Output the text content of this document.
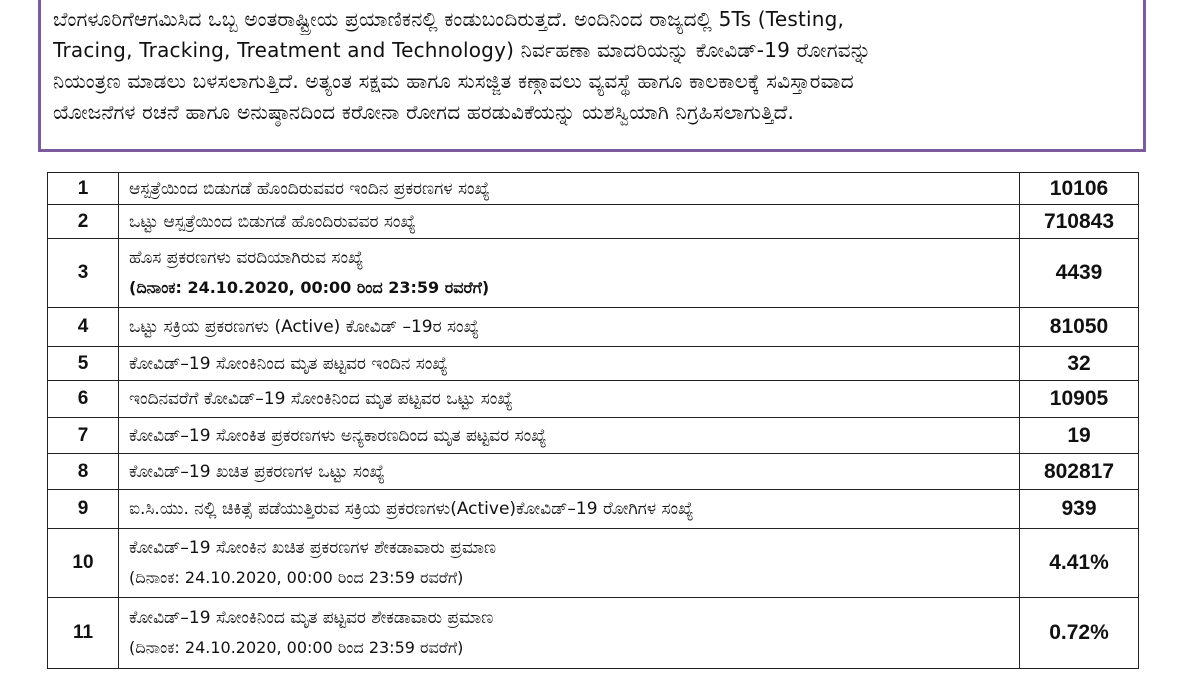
ಬೆಂಗಳೂರಿಗೆಆಗಮಿಸಿದ ಒಬ್ಬ ಅಂತರಾಷ್ಟ್ರೀಯ ಪ್ರಯಾಣಿಕನಲ್ಲಿ ಕಂಡುಬಂದಿರುತ್ತದೆ. ಅಂದಿನಿಂದ ರಾಜ್ಯದಲ್ಲಿ 5Ts (Testing,
Tracing, Tracking, Treatment and Technology) ನಿರ್ವಹಣಾ ಮಾದರಿಯನ್ನು ಕೋವಿಡ್-19 ರೋಗವನ್ನು
ನಿಯಂತ್ರಣ ಮಾಡಲು ಬಳಸಲಾಗುತ್ತಿದೆ. ಅತ್ಯಂತ ಸಕ್ಷಮ ಹಾಗೂ ಸುಸಜ್ಜಿತ ಕಣ್ಗಾವಲು ವ್ಯವಸ್ಥೆ ಹಾಗೂ ಕಾಲಕಾಲಕ್ಕೆ ಸವಿಸ್ತಾರವಾದ
ಯೋಜನೆಗಳ ರಚನೆ ಹಾಗೂ ಅನುಷ್ಠಾನದಿಂದ ಕರೋನಾ ರೋಗದ ಹರಡುವಿಕೆಯನ್ನು ಯಶಸ್ವಿಯಾಗಿ ನಿಗ್ರಹಿಸಲಾಗುತ್ತಿದೆ.
1	ಆಸ್ಪತ್ರೆಯಿಂದ ಬಿಡುಗಡೆ ಹೊಂದಿರುವವರ ಇಂದಿನ ಪ್ರಕರಣಗಳ ಸಂಖ್ಯೆ	10106
2	ಒಟ್ಟು ಆಸ್ಪತ್ರೆಯಿಂದ ಬಿಡುಗಡೆ ಹೊಂದಿರುವವರ ಸಂಖ್ಯೆ	710843
3	ಹೊಸ ಪ್ರಕರಣಗಳು ವರದಿಯಾಗಿರುವ ಸಂಖ್ಯೆ
(ದಿನಾಂಕ: 24.10.2020, 00:00 ರಿಂದ 23:59 ರವರೆಗೆ)	4439
4	ಒಟ್ಟು ಸಕ್ರಿಯ ಪ್ರಕರಣಗಳು (Active) ಕೋವಿಡ್ –19ರ ಸಂಖ್ಯೆ	81050
5	ಕೋವಿಡ್–19 ಸೋಂಕಿನಿಂದ ಮೃತ ಪಟ್ಟವರ ಇಂದಿನ ಸಂಖ್ಯೆ	32
6	ಇಂದಿನವರೆಗೆ ಕೋವಿಡ್–19 ಸೋಂಕಿನಿಂದ ಮೃತ ಪಟ್ಟವರ ಒಟ್ಟು ಸಂಖ್ಯೆ	10905
7	ಕೋವಿಡ್–19 ಸೋಂಕಿತ ಪ್ರಕರಣಗಳು ಅನ್ಯಕಾರಣದಿಂದ ಮೃತ ಪಟ್ಟವರ ಸಂಖ್ಯೆ	19
8	ಕೋವಿಡ್–19 ಖಚಿತ ಪ್ರಕರಣಗಳ ಒಟ್ಟು ಸಂಖ್ಯೆ	802817
9	ಐ.ಸಿ.ಯು. ನಲ್ಲಿ ಚಿಕಿತ್ಸೆ ಪಡೆಯುತ್ತಿರುವ ಸಕ್ರಿಯ ಪ್ರಕರಣಗಳು(Active)ಕೋವಿಡ್–19 ರೋಗಿಗಳ ಸಂಖ್ಯೆ	939
10	ಕೋವಿಡ್–19 ಸೋಂಕಿನ ಖಚಿತ ಪ್ರಕರಣಗಳ ಶೇಕಡಾವಾರು ಪ್ರಮಾಣ
(ದಿನಾಂಕ: 24.10.2020, 00:00 ರಿಂದ 23:59 ರವರೆಗೆ)	4.41%
11	ಕೋವಿಡ್–19 ಸೋಂಕಿನಿಂದ ಮೃತ ಪಟ್ಟವರ ಶೇಕಡಾವಾರು ಪ್ರಮಾಣ
(ದಿನಾಂಕ: 24.10.2020, 00:00 ರಿಂದ 23:59 ರವರೆಗೆ)	0.72%
